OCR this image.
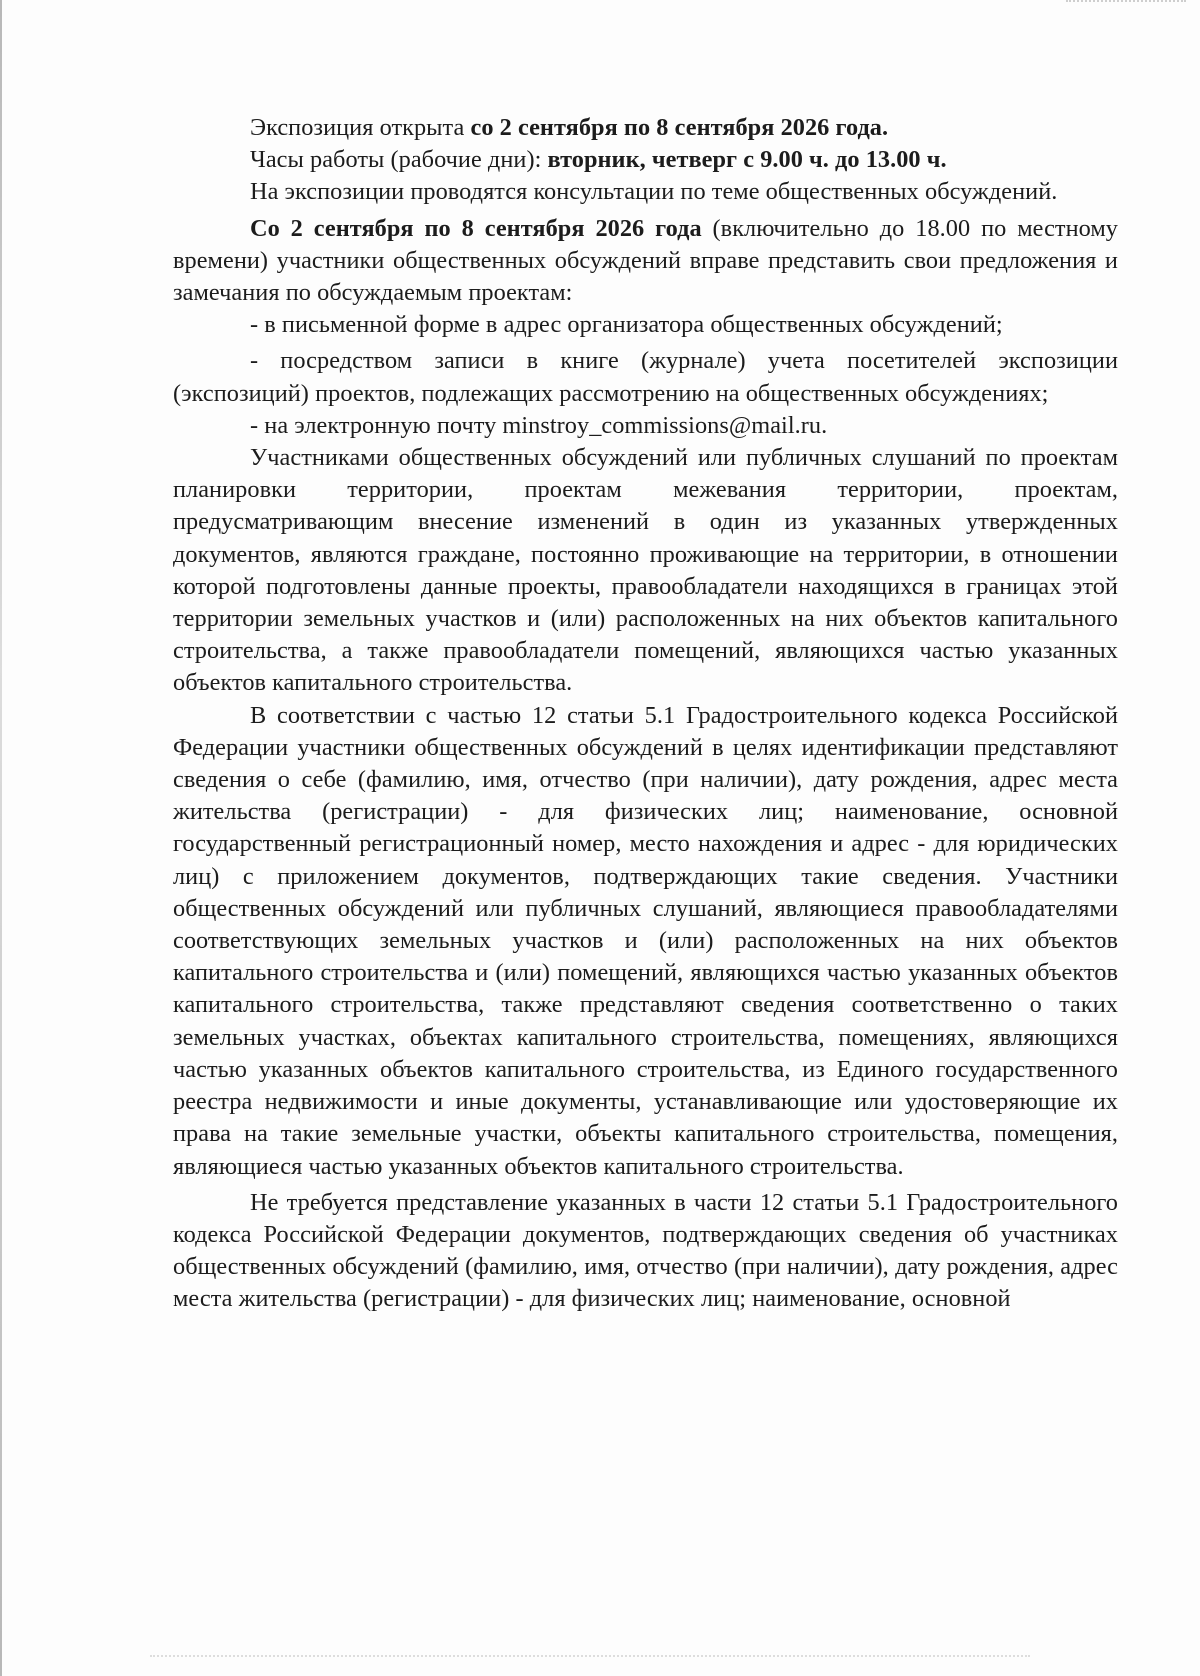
Экспозиция открыта со 2 сентября по 8 сентября 2026 года.

Часы работы (рабочие дни): вторник, четверг с 9.00 ч. до 13.00 ч.

На экспозиции проводятся консультации по теме общественных обсуждений.

Со 2 сентября по 8 сентября 2026 года (включительно до 18.00 по местному времени) участники общественных обсуждений вправе представить свои предложения и замечания по обсуждаемым проектам:

- в письменной форме в адрес организатора общественных обсуждений;

- посредством записи в книге (журнале) учета посетителей экспозиции (экспозиций) проектов, подлежащих рассмотрению на общественных обсуждениях;

- на электронную почту minstroy_commissions@mail.ru.

Участниками общественных обсуждений или публичных слушаний по проектам планировки территории, проектам межевания территории, проектам, предусматривающим внесение изменений в один из указанных утвержденных документов, являются граждане, постоянно проживающие на территории, в отношении которой подготовлены данные проекты, правообладатели находящихся в границах этой территории земельных участков и (или) расположенных на них объектов капитального строительства, а также правообладатели помещений, являющихся частью указанных объектов капитального строительства.

В соответствии с частью 12 статьи 5.1 Градостроительного кодекса Российской Федерации участники общественных обсуждений в целях идентификации представляют сведения о себе (фамилию, имя, отчество (при наличии), дату рождения, адрес места жительства (регистрации) - для физических лиц; наименование, основной государственный регистрационный номер, место нахождения и адрес - для юридических лиц) с приложением документов, подтверждающих такие сведения. Участники общественных обсуждений или публичных слушаний, являющиеся правообладателями соответствующих земельных участков и (или) расположенных на них объектов капитального строительства и (или) помещений, являющихся частью указанных объектов капитального строительства, также представляют сведения соответственно о таких земельных участках, объектах капитального строительства, помещениях, являющихся частью указанных объектов капитального строительства, из Единого государственного реестра недвижимости и иные документы, устанавливающие или удостоверяющие их права на такие земельные участки, объекты капитального строительства, помещения, являющиеся частью указанных объектов капитального строительства.

Не требуется представление указанных в части 12 статьи 5.1 Градостроительного кодекса Российской Федерации документов, подтверждающих сведения об участниках общественных обсуждений (фамилию, имя, отчество (при наличии), дату рождения, адрес места жительства (регистрации) - для физических лиц; наименование, основной
